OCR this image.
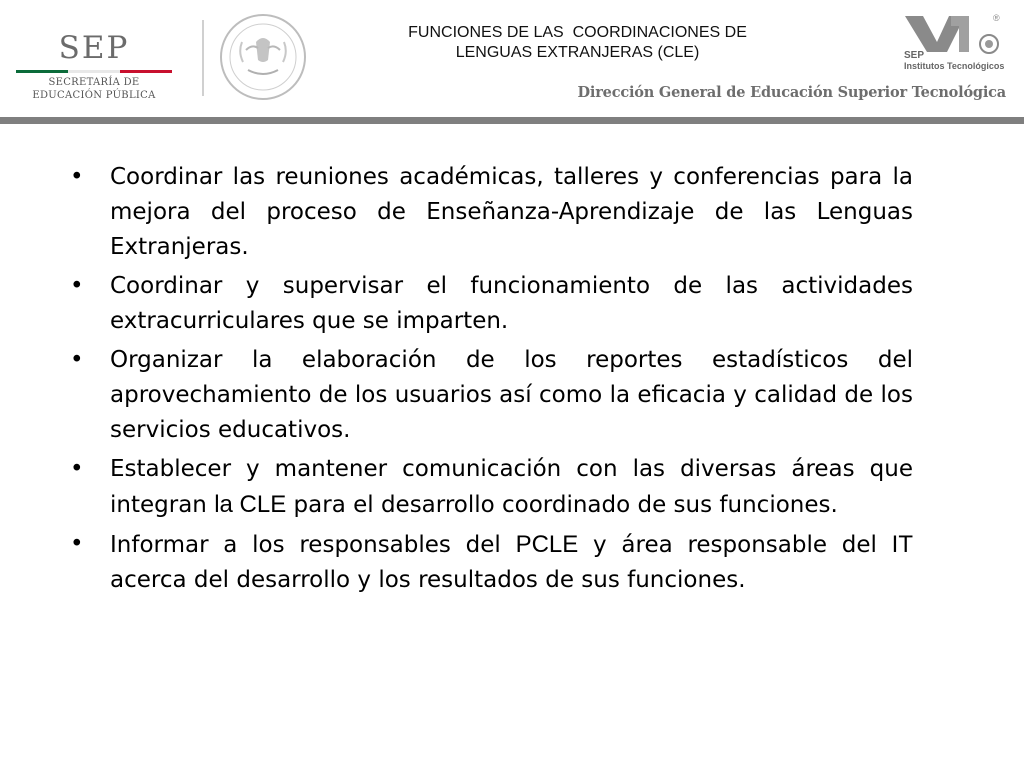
SEP
SECRETARÍA DE
EDUCACIÓN PÚBLICA
FUNCIONES DE LAS  COORDINACIONES DE
LENGUAS EXTRANJERAS (CLE)
®
SEP
Institutos Tecnológicos
Dirección General de Educación Superior Tecnológica
• Coordinar las reuniones académicas, talleres y conferencias para la mejora del proceso de Enseñanza-Aprendizaje de las Lenguas Extranjeras.
• Coordinar y supervisar el funcionamiento de las actividades extracurriculares que se imparten.
• Organizar la elaboración de los reportes estadísticos del aprovechamiento de los usuarios así como la eficacia y calidad de los servicios educativos.
• Establecer y mantener comunicación con las diversas áreas que integran la CLE para el desarrollo coordinado de sus funciones.
• Informar a los responsables del PCLE y área responsable del IT acerca del desarrollo y los resultados de sus funciones.
